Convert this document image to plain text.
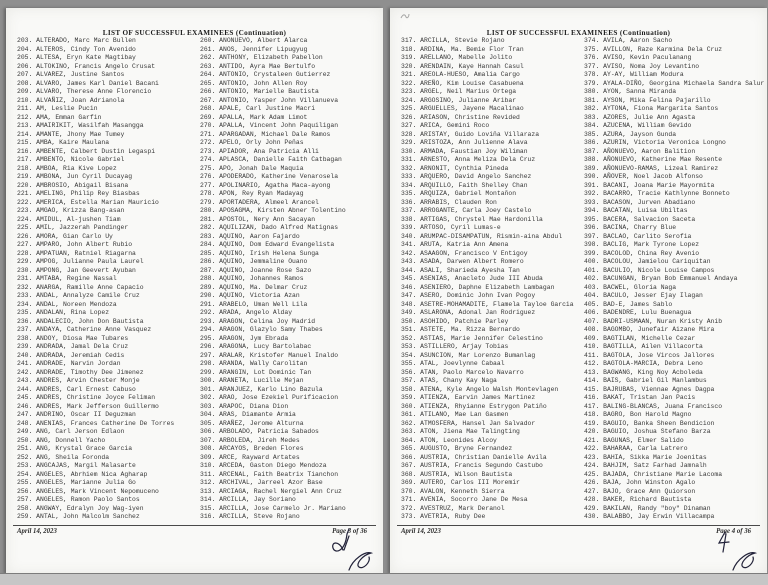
LIST OF SUCCESSFUL EXAMINEES (Continuation)
203. ALTERADO, Marc Marc Bullen
204. ALTEROS, Cindy Ton Avenido
205. ALTESA, Eryn Kate Magtibay
206. ALTOKINO, Francis Angelo Crusat
207. ALVAREZ, Justine Santos
208. ALVARO, James Karl Daniel Bacani
209. ALVARO, Therese Anne Florencio
210. ALVAÑIZ, Joan Adrianola
211. AM, Leslie Pucin
212. AMA, Emman Garfin
213. AMAIRIKIT, Wasilfah Masangga
214. AMANTE, Jhony Mae Tumey
215. AMBA, Kaire Maulana
216. AMBENTE, Calbert Dustin Legaspi
217. AMBENTO, Nicole Gabriel
218. AMBOA, Ria Kive Lopez
219. AMBONA, Jun Cyril Ducayag
220. AMBROSIO, Abigail Bisana
221. AMELING, Philip Rey Biasbas
222. AMERICA, Estella Marian Mauricio
223. AMGAO, Krizza Bang-asan
224. AMIDUL, Al-jushen Tiam
225. AMIL, Jazzerah Pandinger
226. AMORA, Gian Carlo Uy
227. AMPARO, John Albert Rubio
228. AMPATUAN, Ratniel Riagarna
229. AMPOG, Julianne Paula Laurel
230. AMPONG, Jan Geevert Ayuban
231. AMTABA, Regine Nassal
232. ANARGA, Ramille Anne Capacio
233. ANDAL, Annalyze Camile Cruz
234. ANDAL, Noreen Mendoza
235. ANDALAN, Rina Lopez
236. ANDALECIO, John Don Bautista
237. ANDAYA, Catherine Anne Vasquez
238. ANDOY, Diosa Mae Tubares
239. ANDRADA, Jamal Dela Cruz
240. ANDRADA, Jeremiah Cedis
241. ANDRADE, Narvin Jordan
242. ANDRADE, Timothy Dee Jimenez
243. ANDRES, Arvin Chester Monje
244. ANDRES, Carl Ernest Cabuso
245. ANDRES, Christine Joyce Feliman
246. ANDRES, Mark Jefferson Guillermo
247. ANDRINO, Oscar II Deguzman
248. ANENIAS, Frances Catherine De Torres
249. ANG, Carl Jerson Edlaon
250. ANG, Donnell Yacho
251. ANG, Krystal Grace Garcia
252. ANG, Sheila Foronda
253. ANGCAJAS, Margil Malasarte
254. ANGELES, Abrhiem Nica Agharap
255. ANGELES, Marianne Julia Go
256. ANGELES, Mark Vincent Nepomuceno
257. ANGELES, Ramon Paolo Santos
258. ANGWAY, Edralyn Joy Wag-iyen
259. ANTAL, John Malcolm Sanchez
260. ANONUEVO, Albert Alarca
261. ANOS, Jennifer Lipugyug
262. ANTHONY, Elizabeth Pabellon
263. ANTIDO, Ayra Mae Bertulfo
264. ANTONIO, Crystaleen Gutierrez
265. ANTONIO, John Allen Roy
266. ANTONIO, Marielle Bautista
267. ANTONIO, Yasper John Villanueva
268. APALE, Carl Justine Macri
269. APALLA, Mark Adam Limot
270. APALLA, Vincent John Paquiligan
271. APARGADAN, Michael Dale Ramos
272. APELO, Orly John Peñas
273. APIADOR, Ana Patricia Alli
274. APLASCA, Danielle Faith Catbagan
275. APO, Jonah Dale Maquia
276. APODERADO, Katherine Venarosela
277. APOLINARIO, Agatha Maca-ayong
278. APON, Rey Ryan Madayag
279. APORTADERA, Almeel Arancel
280. APOSAGMA, Kirsten Abner Tolentino
281. APOSTOL, Nery Ann Sacayan
282. AQUILIZAN, Dado Alfred Matignas
283. AQUINO, Aaron Fajardo
284. AQUINO, Dom Edward Evangelista
285. AQUINO, Irish Helena Sunga
286. AQUINO, Jemmaline Ouano
287. AQUINO, Joanne Rose Sazo
288. AQUINO, Johannes Ramos
289. AQUINO, Ma. Delmar Cruz
290. AQUINO, Victoria Azan
291. ARABELO, Uman Well Lila
292. ARADA, Angelo Alday
293. ARAGON, Celina Joy Madrid
294. ARAGON, Glazylo Samy Thabes
295. ARAGON, Jym Ebrada
296. ARAGONA, Lucy Bartolabac
297. ARALAR, Kristofer Manuel Inaldo
298. ARANDA, Wally Carolitan
299. ARANGIN, Lot Dominic Tan
300. ARANETA, Lucille Mejan
301. ARANJUEZ, Karlo Lino Bazula
302. ARAO, Jose Ezekiel Purificacion
303. ARAPOC, Diana Dion
304. ARAS, Diamante Armia
305. ARAÑEZ, Jerome Alturna
306. ARBOLADO, Patricia Sabados
307. ARBOLEDA, Jireh Medes
308. ARCAYOS, Breden Flores
309. ARCE, Rayward Artates
310. ARCEDA, Gaston Diego Mendoza
311. ARCENAL, Faith Beatrix Tianchon
312. ARCHIVAL, Jarreel Azor Base
313. ARCIAGA, Rachel Nergiel Ann Cruz
314. ARCILLA, Jay Soriano
315. ARCILLA, Jose Carmelo Jr. Mariano
316. ARCILLA, Steve Rojano
April 14, 2023	Page 3 of 36
LIST OF SUCCESSFUL EXAMINEES (Continuation)
317. ARCILLA, Stevie Rojano
318. ARDINA, Ma. Bemie Flor Tran
319. ARELLANO, Mabelle Jolito
320. ARENDAIN, Kaye Hannah Casul
321. AREOLA-HUESO, Amalia Cargo
322. AREÑO, Kim Louise Casabuena
323. ARGEL, Neil Marius Ortega
324. ARGOSINO, Julianne Aribar
325. ARGUELLES, Jayene Macalinao
326. ARIASON, Christine Revided
327. ARICA, Gemini Roco
328. ARISTAY, Guido Loviña Villaraza
329. ARISTOZA, Ann Julienne Alava
330. ARMADA, Faustian Joy Wiliman
331. ARNESTO, Anna Meliza Dela Cruz
332. ARNONIT, Cynthia Pineda
333. ARQUERO, David Angelo Sanchez
334. ARQUILLO, Faith Shelley Chan
335. ARQUIZA, Gabriel Montañon
336. ARRABIS, Clauden Ron
337. ARROGANTE, Carla Joey Castelo
338. ARTIGAS, Chrystel Mae Hardonilla
339. ARTOSO, Cyril Lumas-e
340. ARUMPAC-DISAMPATUN, Rismin-aina Abdul
341. ARUTA, Katria Ann Amena
342. ASAAGON, Francisco V Entigoy
343. ASADA, Darwen Albert Romero
344. ASALI, Sharieda Ayesha Tan
345. ASENIAS, Anacleto Jude III Abuda
346. ASENIERO, Daphne Elizabeth Lambagan
347. ASERO, Dominic John Ivan Pogoy
348. ASETRE-MOHAMADITE, Flamela Tayloe Garcia
349. ASLARONA, Adonal Jan Rodriguez
350. ASOHIDO, Patchie Parley
351. ASTETE, Ma. Rizza Bernardo
352. ASTIAS, Marie Jennifer Celestino
353. ASTILLERO, Arjay Tobias
354. ASUNCION, Mar Lorenzo Bumanlag
355. ATAL, Joevlynne Cabaal
356. ATAN, Paolo Marcelo Navarro
357. ATAS, Chany Kay Naga
358. ATENA, Kyle Angelo Walsh Montevlagen
359. ATIENZA, Earvin James Martinez
360. ATIENZA, Rhyianne Estrygon Patiño
361. ATILANO, Mae Lan Gasmen
362. ATMOSFERA, Hansel Jan Salvador
363. ATON, Jiena Mae Talingting
364. ATON, Leonides Alcoy
365. AUGUSTO, Bryne Fernandez
366. AUSTRIA, Christian Danielle Avila
367. AUSTRIA, Francis Segundo Castubo
368. AUSTRIA, Wilson Bautista
369. AUTERO, Carlos III Moremir
370. AVALON, Kenneth Sierra
371. AVENIA, Socorro Jane De Mesa
372. AVESTRUZ, Mark Deranol
373. AVETRIA, Ruby Dee
374. AVILA, Aaron Sacho
375. AVILLON, Raze Karmina Dela Cruz
376. AVISO, Kevin Paculanang
377. AVISO, Noma Joy Levantino
378. AY-AY, William Modura
379. AYALA-DIÑO, Georgina Michaela Sandra Salur
380. AYON, Sanna Miranda
381. AYSON, Mika Felina Pajarillo
382. AYTONA, Fiona Margarita Santos
383. AZORES, Julie Ann Agasta
384. AZUCENA, William Gevido
385. AZURA, Jayson Gunda
386. AZURIN, Victoria Veronica Longno
387. AÑONUEVO, Aaron Balition
388. AÑONUEVO, Katherine Mae Resente
389. AÑONUEVO-RAMAS, Lizeal Ramirez
390. AÑOVER, Noel Jacob Alfonso
391. BACANI, Joana Marie Mayormita
392. BACARRO, Tracie Kathlynne Bonneto
393. BACASON, Jurven Abadiano
394. BACATAN, Luisa Ubiltas
395. BACERA, Salvacion Saceta
396. BACINA, Charry Blue
397. BACLAO, Carlito Serofia
398. BACLIG, Mark Tyrone Lopez
399. BACOLOD, China Rey Avenio
400. BACOLOU, Jamielou Cariquitan
401. BACULIO, Nicole Louise Campos
402. BACUNGAN, Bryan Bob Emmanuel Andaya
403. BACWEL, Gloria Naga
404. BACULO, Jesser Ejay Ilagan
405. BAD-E, James Sablo
406. BADENDRE, Lulu Buenagua
407. BADRI-USMAAN, Nuran Kristy Anib
408. BAGOMBO, Junefair Aizane Mira
409. BAGTILAN, Michelle Cezar
410. BAGTILLA, Ailen Villacorta
411. BAGTOLA, Jose Vircos Jallores
412. BAGTOLA-MARCIA, Debra Leno
413. BAGWANG, King Noy Acboleda
414. BAIS, Gabriel Gil Manlambus
415. BAJRUBAS, Viennae Agnes Dagpa
416. BAKAT, Tristan Jan Pacis
417. BALING-BLANCAS, Juana Francisco
418. BAGRO, Bon Harold Magno
419. BAGUIO, Banka Sheen Bendicion
420. BAGUIO, Joshua Stefano Barza
421. BAGUNAS, Elmer Salido
422. BAHARAA, Carla Latrero
423. BAHIA, Sikka Marie Joenitas
424. BAHJIM, Satz Farhad Jamnalh
425. BAJADA, Christiane Marie Lacoma
426. BAJA, John Winston Agalo
427. BAJO, Grace Ann Quiorson
428. BAKER, Richard Bautista
429. BAKILAN, Randy "boy" Dinaman
430. BALABBO, Jay Erwin Villacampa
April 14, 2023	Page 4 of 36
